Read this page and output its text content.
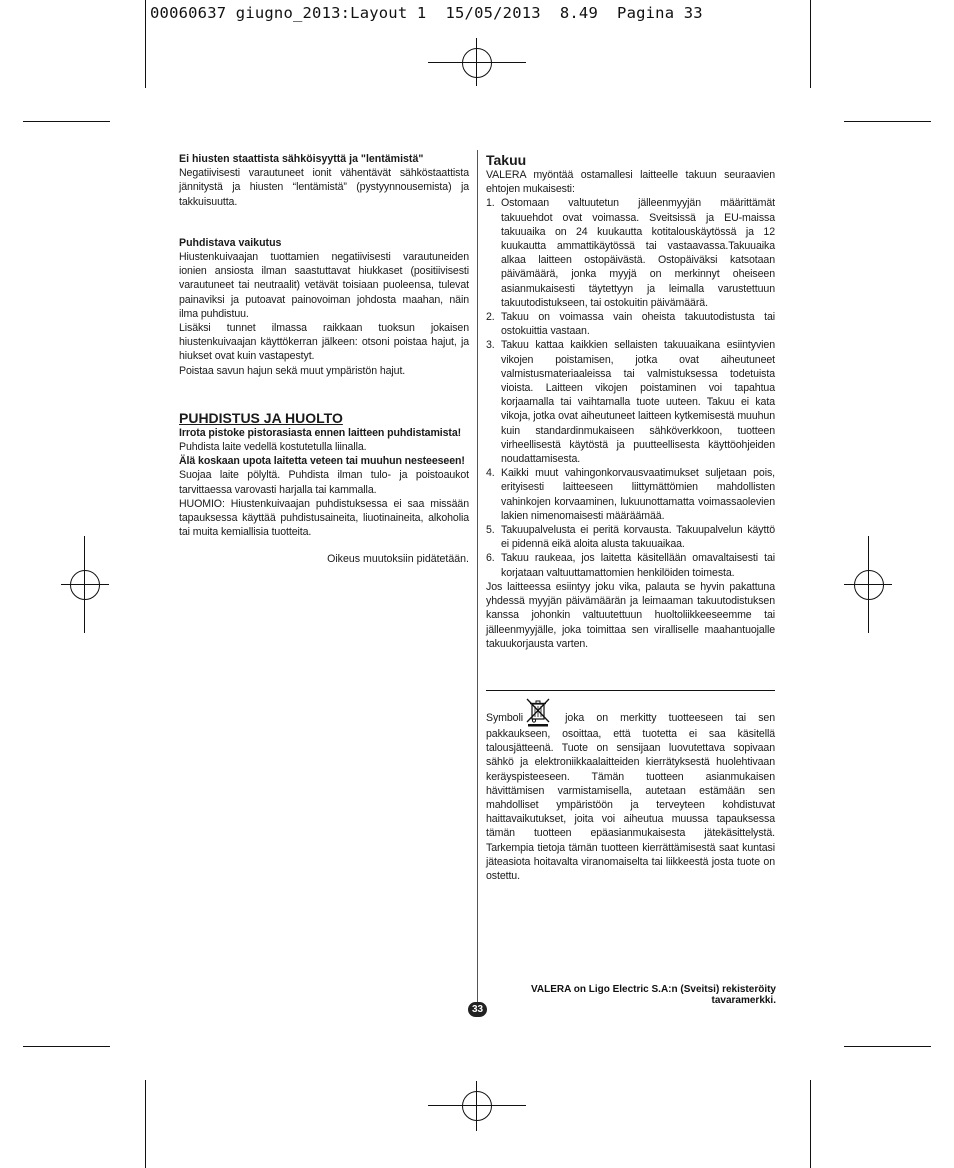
00060637 giugno_2013:Layout 1  15/05/2013  8.49  Pagina 33

Ei hiusten staattista sähköisyyttä ja "lentämistä"

Negatiivisesti varautuneet ionit vähentävät sähköstaattista jännitystä ja hiusten “lentämistä” (pystyynnousemista) ja takkuisuutta.

Puhdistava vaikutus

Hiustenkuivaajan tuottamien negatiivisesti varautuneiden ionien ansiosta ilman saastuttavat hiukkaset (positiivisesti varautuneet tai neutraalit) vetävät toisiaan puoleensa, tulevat painaviksi ja putoavat painovoiman johdosta maahan, näin ilma puhdistuu.

Lisäksi tunnet ilmassa raikkaan tuoksun jokaisen hiustenkuivaajan käyttökerran jälkeen: otsoni poistaa hajut, ja hiukset ovat kuin vastapestyt.

Poistaa savun hajun sekä muut ympäristön hajut.

PUHDISTUS JA HUOLTO

Irrota pistoke pistorasiasta ennen laitteen puhdistamista!

Puhdista laite vedellä kostutetulla liinalla.

Älä koskaan upota laitetta veteen tai muuhun nesteeseen!

Suojaa laite pölyltä. Puhdista ilman tulo- ja poistoaukot tarvittaessa varovasti harjalla tai kammalla.

HUOMIO: Hiustenkuivaajan puhdistuksessa ei saa missään tapauksessa käyttää puhdistusaineita, liuotinaineita, alkoholia tai muita kemiallisia tuotteita.

Oikeus muutoksiin pidätetään.

Takuu

VALERA myöntää ostamallesi laitteelle takuun seuraavien ehtojen mukaisesti:

1. Ostomaan valtuutetun jälleenmyyjän määrittämät takuuehdot ovat voimassa. Sveitsissä ja EU-maissa takuuaika on 24 kuukautta kotitalouskäytössä ja 12 kuukautta ammattikäytössä tai vastaavassa.Takuuaika alkaa laitteen ostopäivästä. Ostopäiväksi katsotaan päivämäärä, jonka myyjä on merkinnyt oheiseen asianmukaisesti täytettyyn ja leimalla varustettuun takuutodistukseen, tai ostokuitin päivämäärä.
2. Takuu on voimassa vain oheista takuutodistusta tai ostokuittia vastaan.
3. Takuu kattaa kaikkien sellaisten takuuaikana esiintyvien vikojen poistamisen, jotka ovat aiheutuneet valmistusmateriaaleissa tai valmistuksessa todetuista vioista. Laitteen vikojen poistaminen voi tapahtua korjaamalla tai vaihtamalla tuote uuteen. Takuu ei kata vikoja, jotka ovat aiheutuneet laitteen kytkemisestä muuhun kuin standardinmukaiseen sähköverkkoon, tuotteen virheellisestä käytöstä ja puutteellisesta käyttöohjeiden noudattamisesta.
4. Kaikki muut vahingonkorvausvaatimukset suljetaan pois, erityisesti laitteeseen liittymättömien mahdollisten vahinkojen korvaaminen, lukuunottamatta voimassaolevien lakien nimenomaisesti määräämää.
5. Takuupalvelusta ei peritä korvausta. Takuupalvelun käyttö ei pidennä eikä aloita alusta takuuaikaa.
6. Takuu raukeaa, jos laitetta käsitellään omavaltaisesti tai korjataan valtuuttamattomien henkilöiden toimesta.

Jos laitteessa esiintyy joku vika, palauta se hyvin pakattuna yhdessä myyjän päivämäärän ja leimaaman takuutodistuksen kanssa johonkin valtuutettuun huoltoliikkeeseemme tai jälleenmyyjälle, joka toimittaa sen viralliselle maahantuojalle takuukorjausta varten.

Symboli	joka on merkitty tuotteeseen tai sen pakkaukseen, osoittaa, että tuotetta ei saa käsitellä talousjätteenä. Tuote on sensijaan luovutettava sopivaan sähkö ja elektroniikkaalaitteiden kierrätyksestä huolehtivaan keräyspisteeseen. Tämän tuotteen asianmukaisen hävittämisen varmistamisella, autetaan estämään sen mahdolliset ympäristöön ja terveyteen kohdistuvat haittavaikutukset, joita voi aiheutua muussa tapauksessa tämän tuotteen epäasianmukaisesta jätekäsittelystä. Tarkempia tietoja tämän tuotteen kierrättämisestä saat kuntasi jäteasiota hoitavalta viranomaiselta tai liikkeestä josta tuote on ostettu.

VALERA on Ligo Electric S.A:n (Sveitsi) rekisteröity tavaramerkki.

33
